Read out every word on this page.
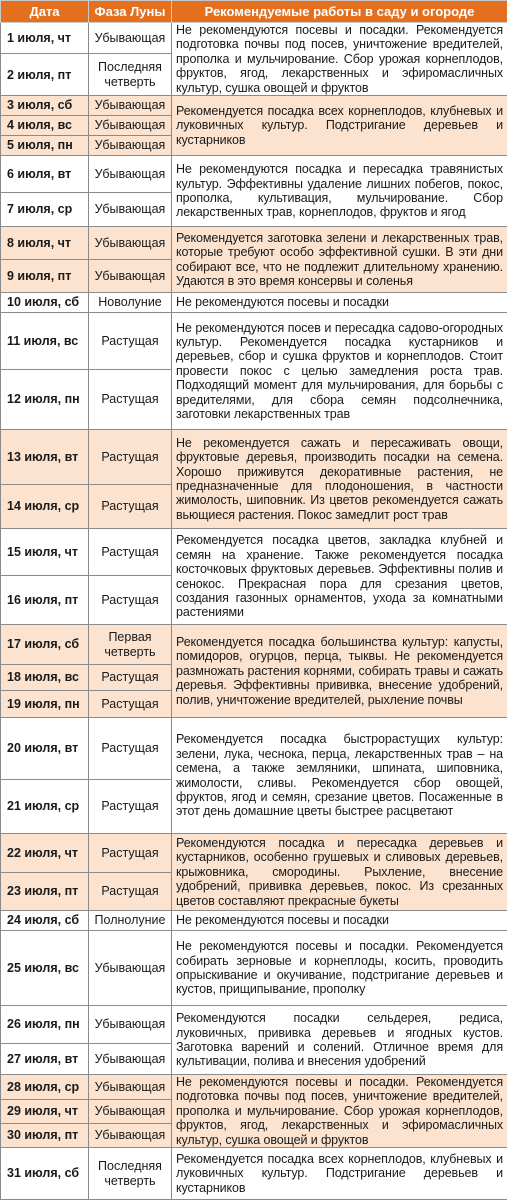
Дата	Фаза Луны	Рекомендуемые работы в саду и огороде
1 июля, чт	Убывающая	Не рекомендуются посевы и посадки. Рекомендуется подготовка почвы под посев, уничтожение вредителей, прополка и мульчирование. Сбор урожая корнеплодов, фруктов, ягод, лекарственных и эфиромасличных культур, сушка овощей и фруктов
2 июля, пт	Последняя четверть	
3 июля, сб	Убывающая	Рекомендуется посадка всех корнеплодов, клубневых и луковичных культур. Подстригание деревьев и кустарников
4 июля, вс	Убывающая	
5 июля, пн	Убывающая	
6 июля, вт	Убывающая	Не рекомендуются посадка и пересадка травянистых культур. Эффективны удаление лишних побегов, покос, прополка, культивация, мульчирование. Сбор лекарственных трав, корнеплодов, фруктов и ягод
7 июля, ср	Убывающая	
8 июля, чт	Убывающая	Рекомендуется заготовка зелени и лекарственных трав, которые требуют особо эффективной сушки. В эти дни собирают все, что не подлежит длительному хранению. Удаются в это время консервы и соленья
9 июля, пт	Убывающая	
10 июля, сб	Новолуние	Не рекомендуются посевы и посадки
11 июля, вс	Растущая	Не рекомендуются посев и пересадка садово-огородных культур. Рекомендуется посадка кустарников и деревьев, сбор и сушка фруктов и корнеплодов. Стоит провести покос с целью замедления роста трав. Подходящий момент для мульчирования, для борьбы с вредителями, для сбора семян подсолнечника, заготовки лекарственных трав
12 июля, пн	Растущая	
13 июля, вт	Растущая	Не рекомендуется сажать и пересаживать овощи, фруктовые деревья, производить посадки на семена. Хорошо приживутся декоративные растения, не предназначенные для плодоношения, в частности жимолость, шиповник. Из цветов рекомендуется сажать вьющиеся растения. Покос замедлит рост трав
14 июля, ср	Растущая	
15 июля, чт	Растущая	Рекомендуется посадка цветов, закладка клубней и семян на хранение. Также рекомендуется посадка косточковых фруктовых деревьев. Эффективны полив и сенокос. Прекрасная пора для срезания цветов, создания газонных орнаментов, ухода за комнатными растениями
16 июля, пт	Растущая	
17 июля, сб	Первая четверть	Рекомендуется посадка большинства культур: капусты, помидоров, огурцов, перца, тыквы. Не рекомендуется размножать растения корнями, собирать травы и сажать деревья. Эффективны прививка, внесение удобрений, полив, уничтожение вредителей, рыхление почвы
18 июля, вс	Растущая	
19 июля, пн	Растущая	
20 июля, вт	Растущая	Рекомендуется посадка быстрорастущих культур: зелени, лука, чеснока, перца, лекарственных трав – на семена, а также земляники, шпината, шиповника, жимолости, сливы. Рекомендуется сбор овощей, фруктов, ягод и семян, срезание цветов. Посаженные в этот день домашние цветы быстрее расцветают
21 июля, ср	Растущая	
22 июля, чт	Растущая	Рекомендуются посадка и пересадка деревьев и кустарников, особенно грушевых и сливовых деревьев, крыжовника, смородины. Рыхление, внесение удобрений, прививка деревьев, покос. Из срезанных цветов составляют прекрасные букеты
23 июля, пт	Растущая	
24 июля, сб	Полнолуние	Не рекомендуются посевы и посадки
25 июля, вс	Убывающая	Не рекомендуются посевы и посадки. Рекомендуется собирать зерновые и корнеплоды, косить, проводить опрыскивание и окучивание, подстригание деревьев и кустов, прищипывание, прополку
26 июля, пн	Убывающая	Рекомендуются посадки сельдерея, редиса, луковичных, прививка деревьев и ягодных кустов. Заготовка варений и солений. Отличное время для культивации, полива и внесения удобрений
27 июля, вт	Убывающая	
28 июля, ср	Убывающая	Не рекомендуются посевы и посадки. Рекомендуется подготовка почвы под посев, уничтожение вредителей, прополка и мульчирование. Сбор урожая корнеплодов, фруктов, ягод, лекарственных и эфиромасличных культур, сушка овощей и фруктов
29 июля, чт	Убывающая	
30 июля, пт	Убывающая	
31 июля, сб	Последняя четверть	Рекомендуется посадка всех корнеплодов, клубневых и луковичных культур. Подстригание деревьев и кустарников
